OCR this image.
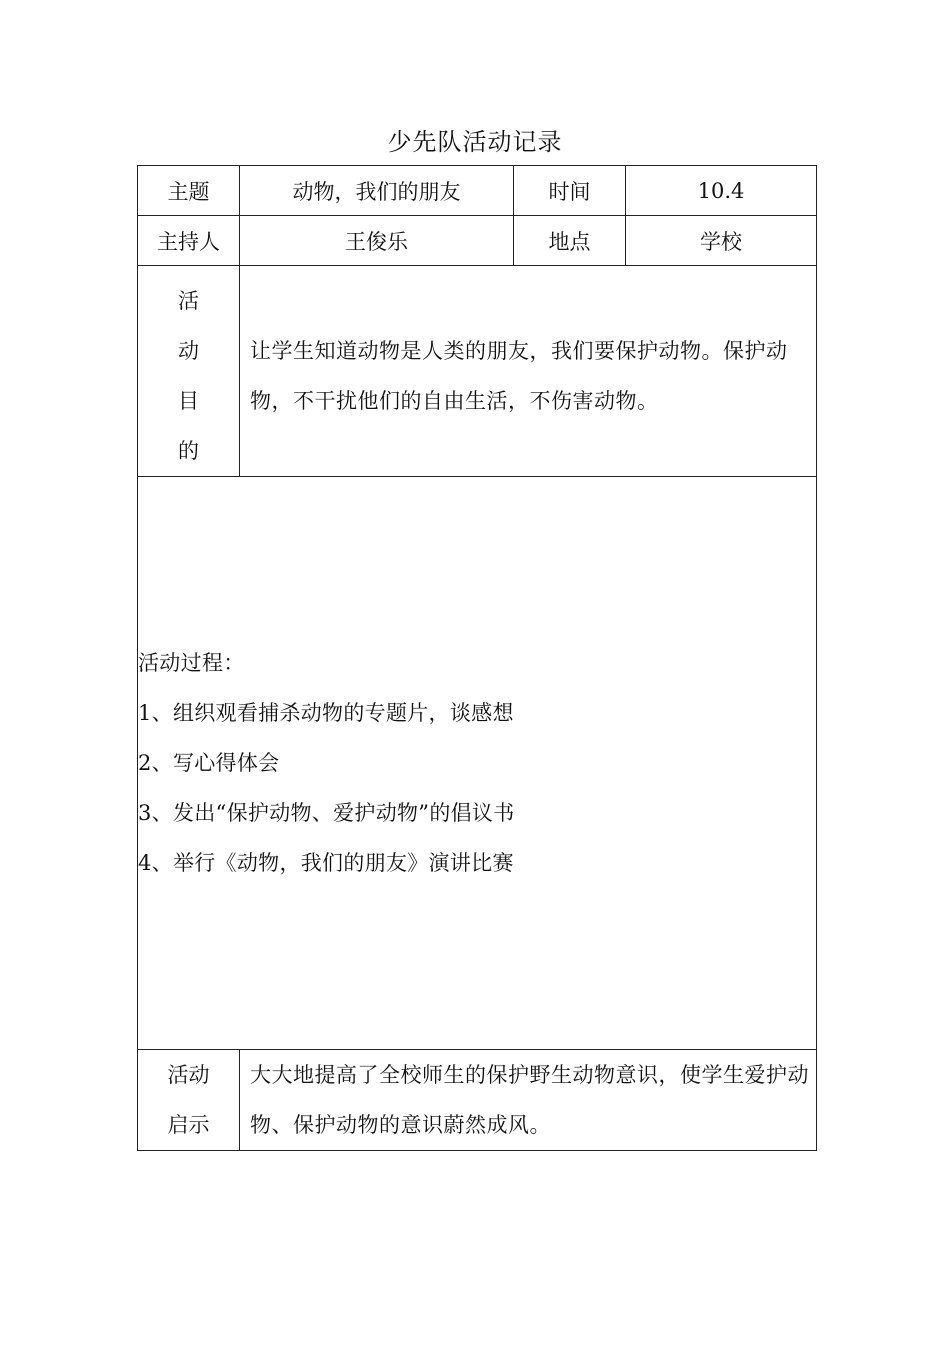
少先队活动记录
主题	动物，我们的朋友	时间	10.4
主持人	王俊乐	地点	学校

活
动
目
的	让学生知道动物是人类的朋友，我们要保护动物。保护动物，不干扰他们的自由生活，不伤害动物。		

活动过程：
1、组织观看捕杀动物的专题片，谈感想
2、写心得体会
3、发出“保护动物、爱护动物”的倡议书
4、举行《动物，我们的朋友》演讲比赛			

活动
启示	大大地提高了全校师生的保护野生动物意识，使学生爱护动物、保护动物的意识蔚然成风。		
